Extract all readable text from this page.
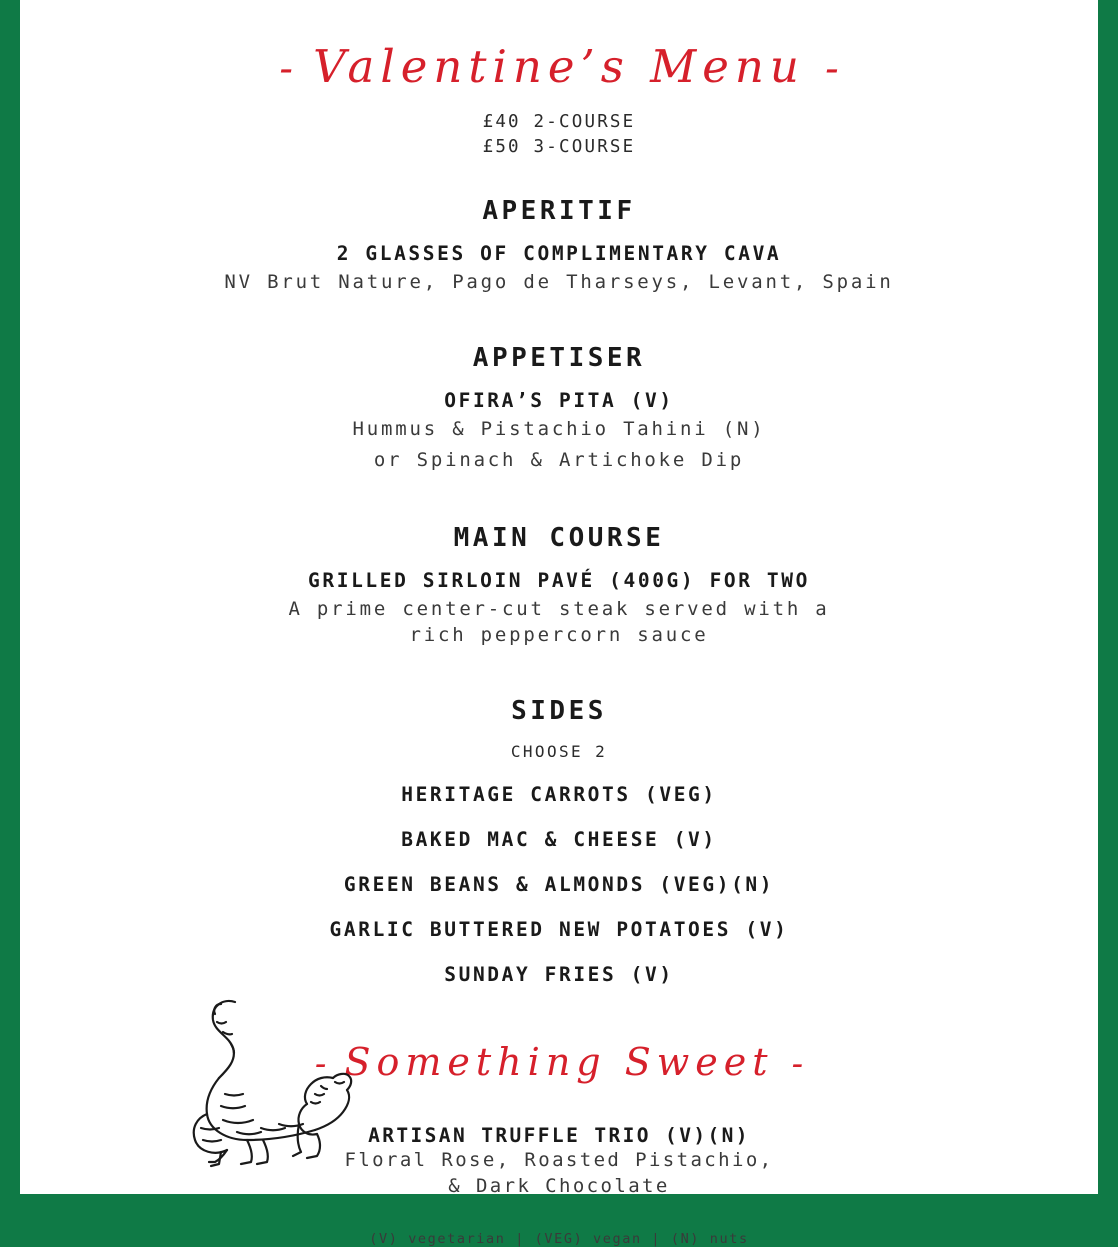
- Valentine’s Menu -
£40 2-COURSE
£50 3-COURSE
APERITIF
2 GLASSES OF COMPLIMENTARY CAVA
NV Brut Nature, Pago de Tharseys, Levant, Spain
APPETISER
OFIRA’S PITA (V)
Hummus & Pistachio Tahini (N)
or Spinach & Artichoke Dip
MAIN COURSE
GRILLED SIRLOIN PAVÉ (400G) FOR TWO
A prime center-cut steak served with a rich peppercorn sauce
SIDES
CHOOSE 2
HERITAGE CARROTS (VEG)
BAKED MAC & CHEESE (V)
GREEN BEANS & ALMONDS (VEG)(N)
GARLIC BUTTERED NEW POTATOES (V)
SUNDAY FRIES (V)
- Something Sweet -
ARTISAN TRUFFLE TRIO (V)(N)
Floral Rose, Roasted Pistachio,
& Dark Chocolate
(V) vegetarian | (VEG) vegan | (N) nuts
